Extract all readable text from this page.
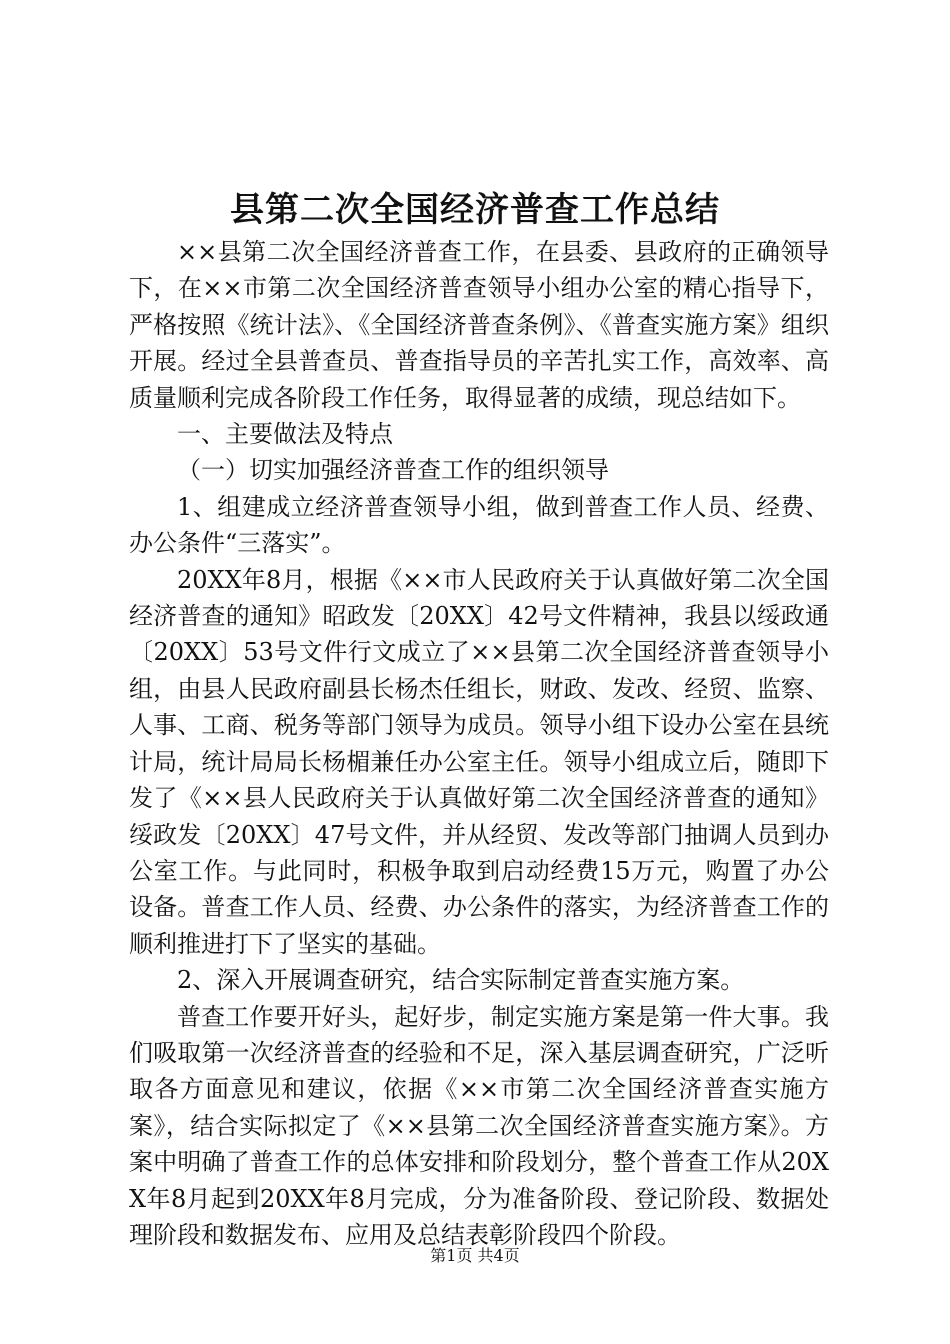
县第二次全国经济普查工作总结

××县第二次全国经济普查工作，在县委、县政府的正确领导下，在××市第二次全国经济普查领导小组办公室的精心指导下，严格按照《统计法》、《全国经济普查条例》、《普查实施方案》组织开展。经过全县普查员、普查指导员的辛苦扎实工作，高效率、高质量顺利完成各阶段工作任务，取得显著的成绩，现总结如下。

一、主要做法及特点

（一）切实加强经济普查工作的组织领导

1、组建成立经济普查领导小组，做到普查工作人员、经费、办公条件“三落实”。

20XX年8月，根据《××市人民政府关于认真做好第二次全国经济普查的通知》昭政发〔20XX〕42号文件精神，我县以绥政通〔20XX〕53号文件行文成立了××县第二次全国经济普查领导小组，由县人民政府副县长杨杰任组长，财政、发改、经贸、监察、人事、工商、税务等部门领导为成员。领导小组下设办公室在县统计局，统计局局长杨楣兼任办公室主任。领导小组成立后，随即下发了《××县人民政府关于认真做好第二次全国经济普查的通知》绥政发〔20XX〕47号文件，并从经贸、发改等部门抽调人员到办公室工作。与此同时，积极争取到启动经费15万元，购置了办公设备。普查工作人员、经费、办公条件的落实，为经济普查工作的顺利推进打下了坚实的基础。

2、深入开展调查研究，结合实际制定普查实施方案。

普查工作要开好头，起好步，制定实施方案是第一件大事。我们吸取第一次经济普查的经验和不足，深入基层调查研究，广泛听取各方面意见和建议，依据《××市第二次全国经济普查实施方案》，结合实际拟定了《××县第二次全国经济普查实施方案》。方案中明确了普查工作的总体安排和阶段划分，整个普查工作从20XX年8月起到20XX年8月完成，分为准备阶段、登记阶段、数据处理阶段和数据发布、应用及总结表彰阶段四个阶段。

第1页 共4页
